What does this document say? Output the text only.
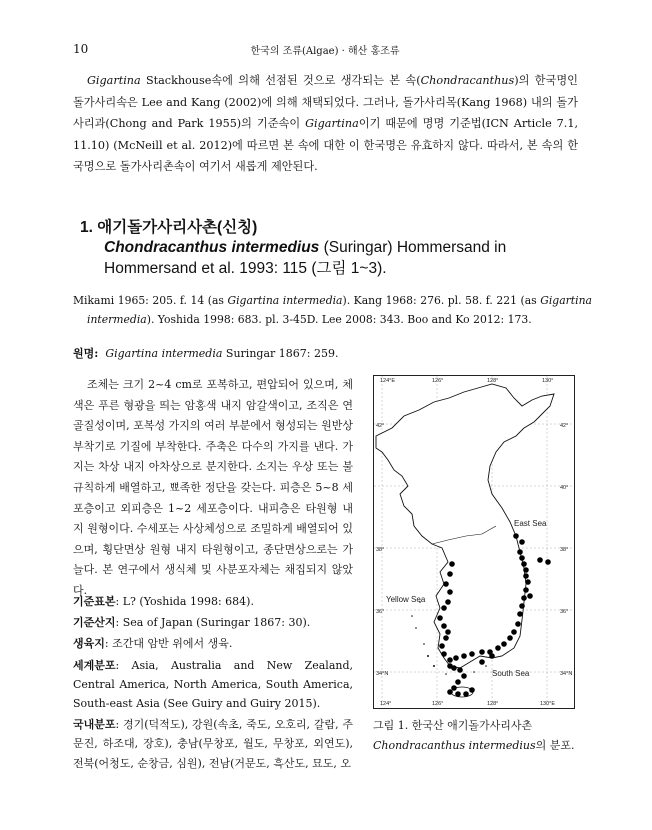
10	한국의 조류(Algae) · 해산 홍조류
Gigartina Stackhouse속에 의해 선점된 것으로 생각되는 본 속(Chondracanthus)의 한국명인 돌가사리속은 Lee and Kang (2002)에 의해 채택되었다. 그러나, 돌가사리목(Kang 1968) 내의 돌가사리과(Chong and Park 1955)의 기준속이 Gigartina이기 때문에 명명 기준법(ICN Article 7.1, 11.10) (McNeill et al. 2012)에 따르면 본 속에 대한 이 한국명은 유효하지 않다. 따라서, 본 속의 한국명으로 돌가사리촌속이 여기서 새롭게 제안된다.
1. 애기돌가사리사촌(신칭)
Chondracanthus intermedius (Suringar) Hommersand in Hommersand et al. 1993: 115 (그림 1~3).
Mikami 1965: 205. f. 14 (as Gigartina intermedia). Kang 1968: 276. pl. 58. f. 221 (as Gigartina intermedia). Yoshida 1998: 683. pl. 3-45D. Lee 2008: 343. Boo and Ko 2012: 173.
원명: Gigartina intermedia Suringar 1867: 259.
조체는 크기 2~4 cm로 포복하고, 편압되어 있으며, 체색은 푸른 형광을 띄는 암홍색 내지 암갈색이고, 조직은 연골질성이며, 포복성 가지의 여러 부분에서 형성되는 원반상 부착기로 기질에 부착한다. 주축은 다수의 가지를 낸다. 가지는 차상 내지 아차상으로 분지한다. 소지는 우상 또는 불규칙하게 배열하고, 뾰족한 정단을 갖는다. 피층은 5~8 세포층이고 외피층은 1~2 세포층이다. 내피층은 타원형 내지 원형이다. 수세포는 사상체성으로 조밀하게 배열되어 있으며, 횡단면상 원형 내지 타원형이고, 종단면상으로는 가늘다. 본 연구에서 생식체 및 사분포자체는 채집되지 않았다.

기준표본: L? (Yoshida 1998: 684).

기준산지: Sea of Japan (Suringar 1867: 30).

생육지: 조간대 암반 위에서 생육.

세계분포: Asia, Australia and New Zealand, Central America, North America, South America, South-east Asia (See Guiry and Guiry 2015).

국내분포: 경기(덕적도), 강원(속초, 죽도, 오호리, 갈람, 주문진, 하조대, 장호), 충남(무창포, 월도, 무창포, 외연도), 전북(어청도, 순창금, 심원), 전남(거문도, 흑산도, 묘도, 오

124°E	126°	128°	130°
42°	42°
40°
38°	38°
36°	36°
34°N	34°N
124°	126°	128°	130°E
East Sea
Yellow Sea
South Sea
그림 1. 한국산 애기돌가사리사촌 Chondracanthus intermedius의 분포.
